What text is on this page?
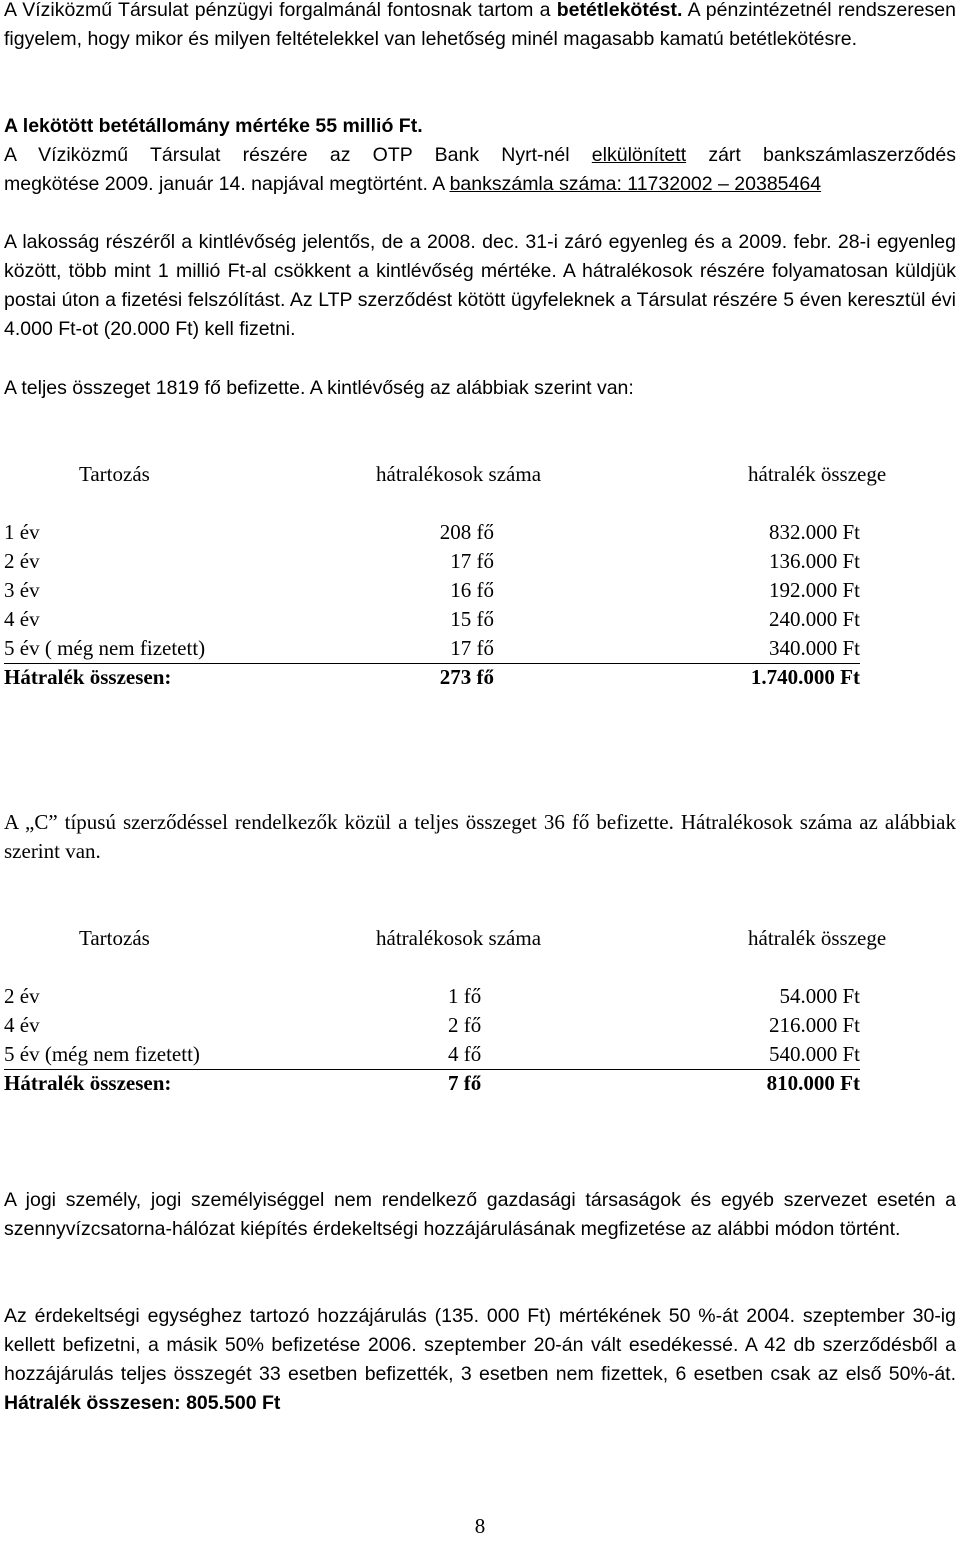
A Víziközmű Társulat pénzügyi forgalmánál fontosnak tartom a betétlekötést. A pénzintézetnél rendszeresen figyelem, hogy mikor és milyen feltételekkel van lehetőség minél magasabb kamatú betétlekötésre.

A lekötött betétállomány mértéke 55 millió Ft.
A Víziközmű Társulat részére az OTP Bank Nyrt-nél elkülönített zárt bankszámlaszerződés
megkötése 2009. január 14. napjával megtörtént. A bankszámla száma: 11732002 – 20385464

A lakosság részéről a kintlévőség jelentős, de a 2008. dec. 31-i záró egyenleg és a 2009. febr. 28-i egyenleg között, több mint 1 millió Ft-al csökkent a kintlévőség mértéke. A hátralékosok részére folyamatosan küldjük postai úton a fizetési felszólítást. Az LTP szerződést kötött ügyfeleknek a Társulat részére 5 éven keresztül évi 4.000 Ft-ot (20.000 Ft) kell fizetni.

A teljes összeget 1819 fő befizette. A kintlévőség az alábbiak szerint van:

Tartozás	hátralékosok száma	hátralék összege
1 év	208 fő	832.000 Ft
2 év	17 fő	136.000 Ft
3 év	16 fő	192.000 Ft
4 év	15 fő	240.000 Ft
5 év ( még nem fizetett)	17 fő	340.000 Ft
Hátralék összesen:	273 fő	1.740.000 Ft

A „C” típusú szerződéssel rendelkezők közül a teljes összeget 36 fő befizette. Hátralékosok száma az alábbiak szerint van.

Tartozás	hátralékosok száma	hátralék összege
2 év	1 fő	54.000 Ft
4 év	2 fő	216.000 Ft
5 év (még nem fizetett)	4 fő	540.000 Ft
Hátralék összesen:	7 fő	810.000 Ft

A jogi személy, jogi személyiséggel nem rendelkező gazdasági társaságok és egyéb szervezet esetén a szennyvízcsatorna-hálózat kiépítés érdekeltségi hozzájárulásának megfizetése az alábbi módon történt.

Az érdekeltségi egységhez tartozó hozzájárulás (135. 000 Ft) mértékének 50 %-át 2004. szeptember 30-ig kellett befizetni, a másik 50% befizetése 2006. szeptember 20-án vált esedékessé. A 42 db szerződésből a hozzájárulás teljes összegét 33 esetben befizették, 3 esetben nem fizettek, 6 esetben csak az első 50%-át. Hátralék összesen: 805.500 Ft

8
